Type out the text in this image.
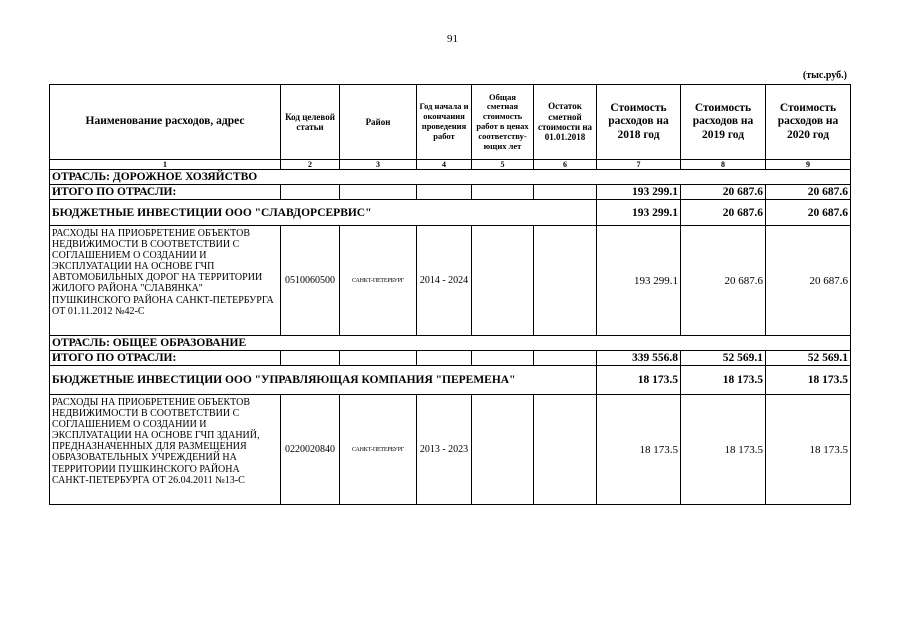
91
(тыс.руб.)
Наименование расходов, адрес	Код целевой статьи	Район	Год начала и окончания проведения работ	Общая сметная стоимость работ в ценах соответству-ющих лет	Остаток сметной стоимости на 01.01.2018	Стоимость расходов на 2018 год	Стоимость расходов на 2019 год	Стоимость расходов на 2020 год
1	2	3	4	5	6	7	8	9
ОТРАСЛЬ: ДОРОЖНОЕ ХОЗЯЙСТВО								
ИТОГО ПО ОТРАСЛИ:						193 299.1	20 687.6	20 687.6
БЮДЖЕТНЫЕ ИНВЕСТИЦИИ ООО "СЛАВДОРСЕРВИС"						193 299.1	20 687.6	20 687.6
РАСХОДЫ НА ПРИОБРЕТЕНИЕ ОБЪЕКТОВ НЕДВИЖИМОСТИ В СООТВЕТСТВИИ С СОГЛАШЕНИЕМ О СОЗДАНИИ И ЭКСПЛУАТАЦИИ НА ОСНОВЕ ГЧП АВТОМОБИЛЬНЫХ ДОРОГ НА ТЕРРИТОРИИ ЖИЛОГО РАЙОНА "СЛАВЯНКА" ПУШКИНСКОГО РАЙОНА САНКТ-ПЕТЕРБУРГА ОТ 01.11.2012 №42-С	0510060500	САНКТ-ПЕТЕРБУРГ	2014 - 2024			193 299.1	20 687.6	20 687.6
ОТРАСЛЬ: ОБЩЕЕ ОБРАЗОВАНИЕ								
ИТОГО ПО ОТРАСЛИ:						339 556.8	52 569.1	52 569.1
БЮДЖЕТНЫЕ ИНВЕСТИЦИИ ООО "УПРАВЛЯЮЩАЯ КОМПАНИЯ "ПЕРЕМЕНА"						18 173.5	18 173.5	18 173.5
РАСХОДЫ НА ПРИОБРЕТЕНИЕ ОБЪЕКТОВ НЕДВИЖИМОСТИ В СООТВЕТСТВИИ С СОГЛАШЕНИЕМ О СОЗДАНИИ И ЭКСПЛУАТАЦИИ НА ОСНОВЕ ГЧП ЗДАНИЙ, ПРЕДНАЗНАЧЕННЫХ ДЛЯ РАЗМЕЩЕНИЯ ОБРАЗОВАТЕЛЬНЫХ УЧРЕЖДЕНИЙ НА ТЕРРИТОРИИ ПУШКИНСКОГО РАЙОНА САНКТ-ПЕТЕРБУРГА ОТ 26.04.2011 №13-С	0220020840	САНКТ-ПЕТЕРБУРГ	2013 - 2023			18 173.5	18 173.5	18 173.5
